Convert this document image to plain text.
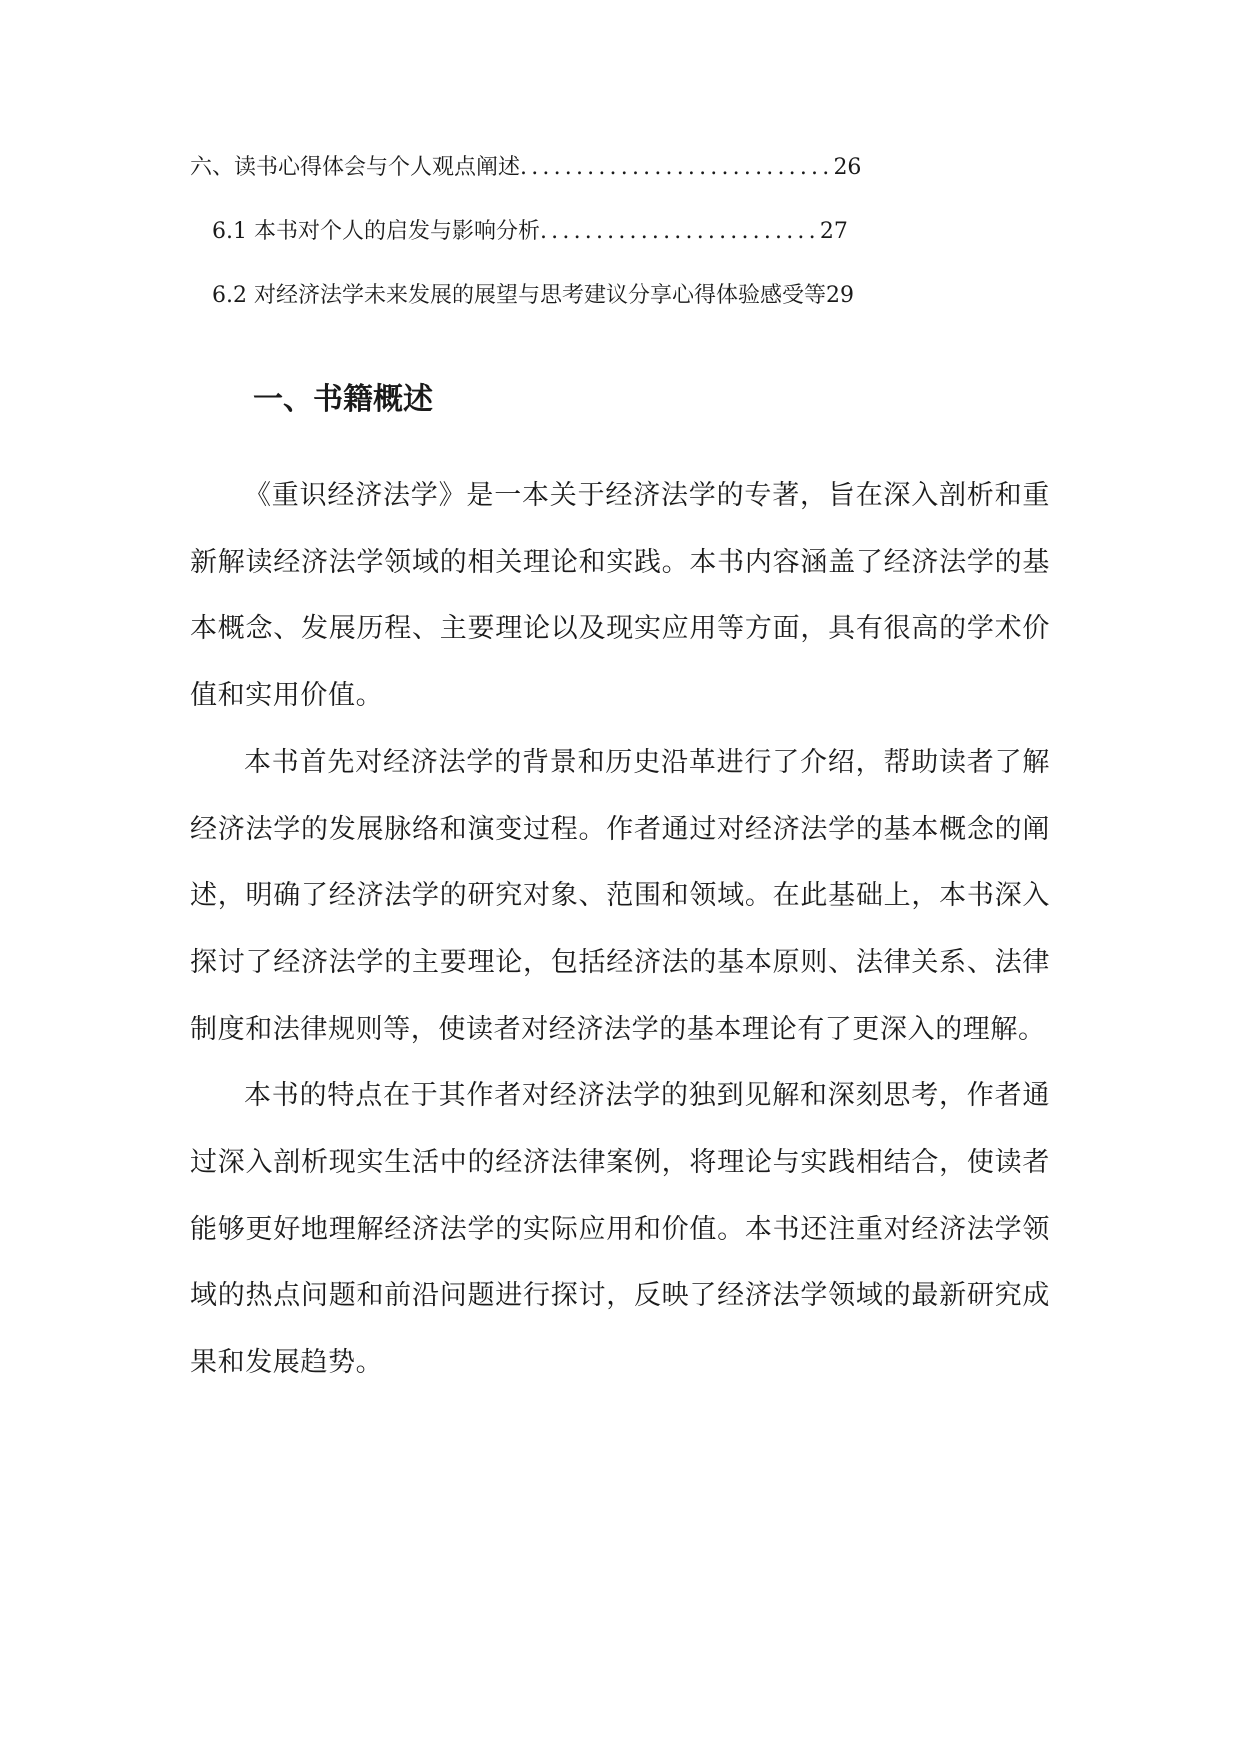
六、读书心得体会与个人观点阐述............................26
6.1 本书对个人的启发与影响分析.........................27
6.2 对经济法学未来发展的展望与思考建议分享心得体验感受等29
一、书籍概述

《重识经济法学》是一本关于经济法学的专著，旨在深入剖析和重新解读经济法学领域的相关理论和实践。本书内容涵盖了经济法学的基本概念、发展历程、主要理论以及现实应用等方面，具有很高的学术价值和实用价值。

本书首先对经济法学的背景和历史沿革进行了介绍，帮助读者了解经济法学的发展脉络和演变过程。作者通过对经济法学的基本概念的阐述，明确了经济法学的研究对象、范围和领域。在此基础上，本书深入探讨了经济法学的主要理论，包括经济法的基本原则、法律关系、法律制度和法律规则等，使读者对经济法学的基本理论有了更深入的理解。

本书的特点在于其作者对经济法学的独到见解和深刻思考，作者通过深入剖析现实生活中的经济法律案例，将理论与实践相结合，使读者能够更好地理解经济法学的实际应用和价值。本书还注重对经济法学领域的热点问题和前沿问题进行探讨，反映了经济法学领域的最新研究成果和发展趋势。
